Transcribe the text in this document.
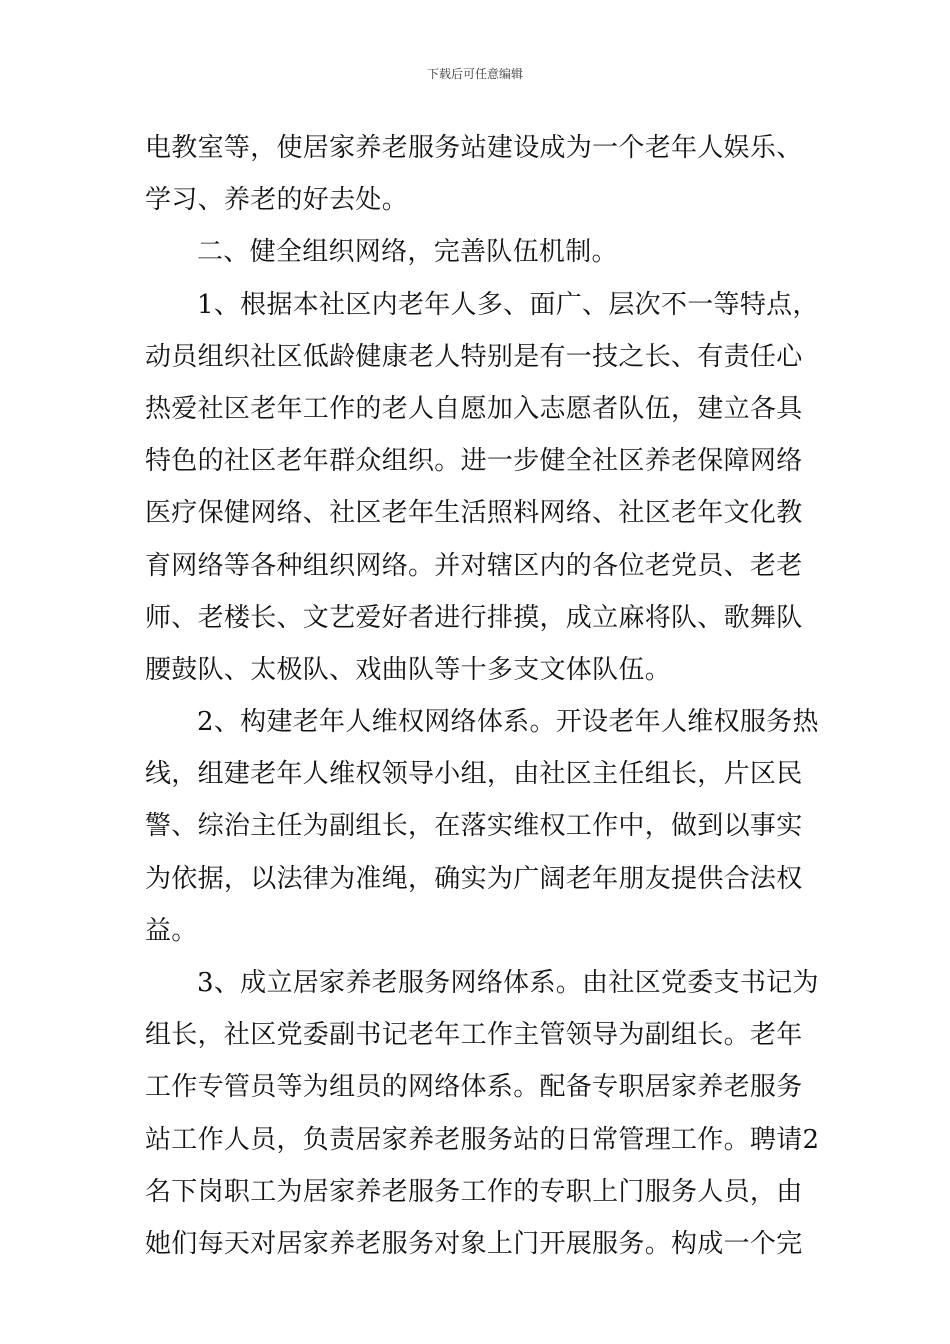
下载后可任意编辑
电教室等，使居家养老服务站建设成为一个老年人娱乐、
学习、养老的好去处。
二、健全组织网络，完善队伍机制。
1、根据本社区内老年人多、面广、层次不一等特点，
动员组织社区低龄健康老人特别是有一技之长、有责任心
热爱社区老年工作的老人自愿加入志愿者队伍，建立各具
特色的社区老年群众组织。进一步健全社区养老保障网络
医疗保健网络、社区老年生活照料网络、社区老年文化教
育网络等各种组织网络。并对辖区内的各位老党员、老老
师、老楼长、文艺爱好者进行排摸，成立麻将队、歌舞队
腰鼓队、太极队、戏曲队等十多支文体队伍。
2、构建老年人维权网络体系。开设老年人维权服务热
线，组建老年人维权领导小组，由社区主任组长，片区民
警、综治主任为副组长，在落实维权工作中，做到以事实
为依据，以法律为准绳，确实为广阔老年朋友提供合法权
益。
3、成立居家养老服务网络体系。由社区党委支书记为
组长，社区党委副书记老年工作主管领导为副组长。老年
工作专管员等为组员的网络体系。配备专职居家养老服务
站工作人员，负责居家养老服务站的日常管理工作。聘请2
名下岗职工为居家养老服务工作的专职上门服务人员，由
她们每天对居家养老服务对象上门开展服务。构成一个完
